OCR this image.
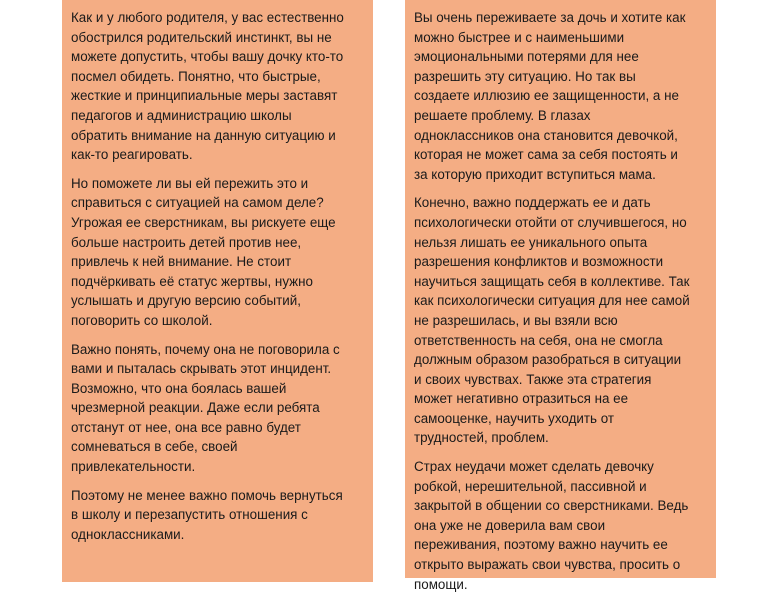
Как и у любого родителя, у вас естественно
обострился родительский инстинкт, вы не
можете допустить, чтобы вашу дочку кто-то
посмел обидеть. Понятно, что быстрые,
жесткие и принципиальные меры заставят
педагогов и администрацию школы
обратить внимание на данную ситуацию и
как-то реагировать.

Но поможете ли вы ей пережить это и
справиться с ситуацией на самом деле?
Угрожая ее сверстникам, вы рискуете еще
больше настроить детей против нее,
привлечь к ней внимание. Не стоит
подчёркивать её статус жертвы, нужно
услышать и другую версию событий,
поговорить со школой.

Важно понять, почему она не поговорила с
вами и пыталась скрывать этот инцидент.
Возможно, что она боялась вашей
чрезмерной реакции. Даже если ребята
отстанут от нее, она все равно будет
сомневаться в себе, своей
привлекательности.

Поэтому не менее важно помочь вернуться
в школу и перезапустить отношения с
одноклассниками.

Вы очень переживаете за дочь и хотите как
можно быстрее и с наименьшими
эмоциональными потерями для нее
разрешить эту ситуацию. Но так вы
создаете иллюзию ее защищенности, а не
решаете проблему. В глазах
одноклассников она становится девочкой,
которая не может сама за себя постоять и
за которую приходит вступиться мама.

Конечно, важно поддержать ее и дать
психологически отойти от случившегося, но
нельзя лишать ее уникального опыта
разрешения конфликтов и возможности
научиться защищать себя в коллективе. Так
как психологически ситуация для нее самой
не разрешилась, и вы взяли всю
ответственность на себя, она не смогла
должным образом разобраться в ситуации
и своих чувствах. Также эта стратегия
может негативно отразиться на ее
самооценке, научить уходить от
трудностей, проблем.

Страх неудачи может сделать девочку
робкой, нерешительной, пассивной и
закрытой в общении со сверстниками. Ведь
она уже не доверила вам свои
переживания, поэтому важно научить ее
открыто выражать свои чувства, просить о
помощи.
